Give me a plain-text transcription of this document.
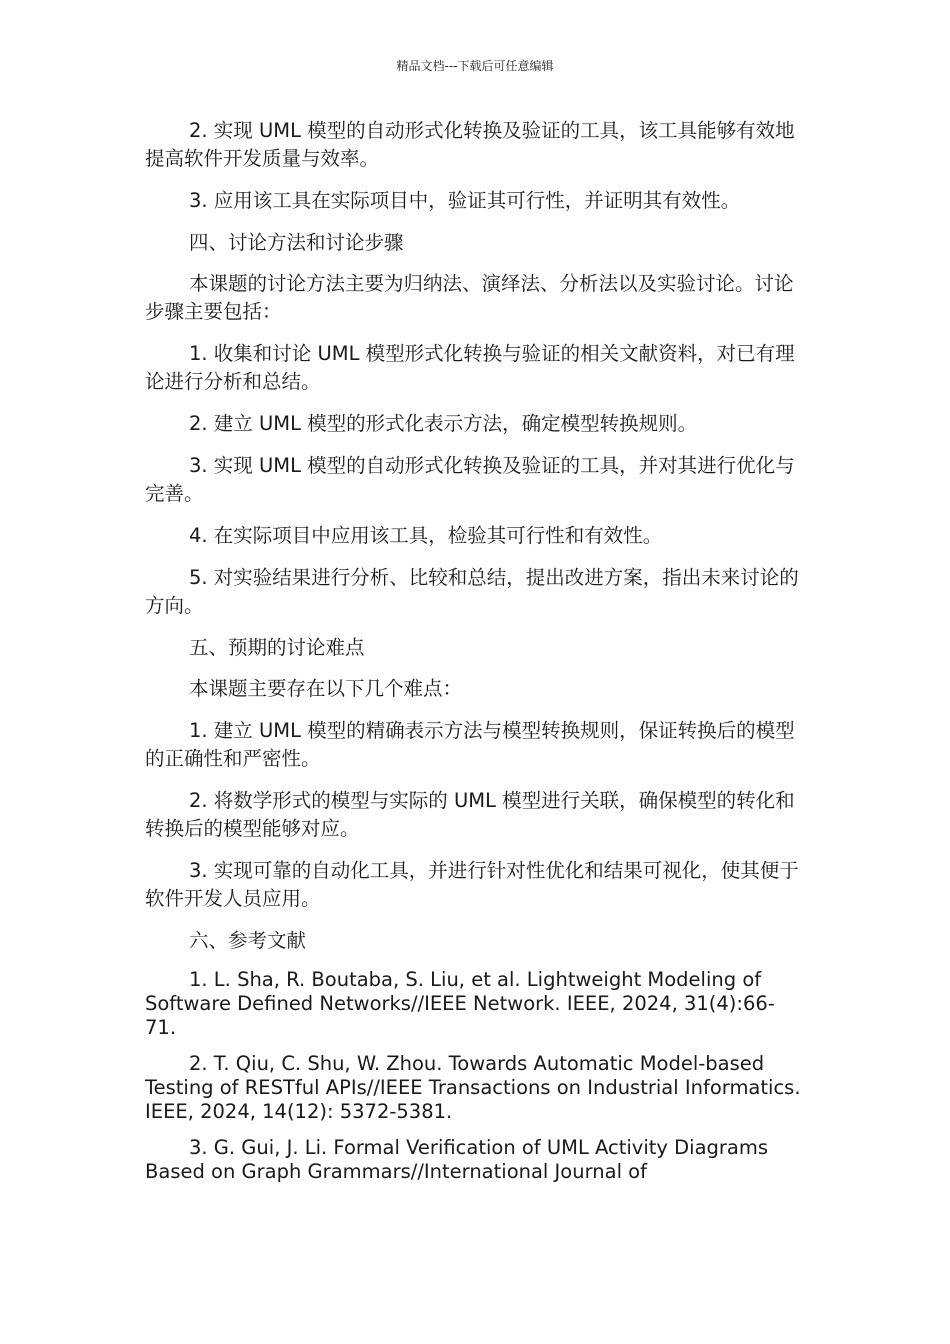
精品文档---下载后可任意编辑

2. 实现 UML 模型的自动形式化转换及验证的工具，该工具能够有效地提高软件开发质量与效率。

3. 应用该工具在实际项目中，验证其可行性，并证明其有效性。

四、讨论方法和讨论步骤

本课题的讨论方法主要为归纳法、演绎法、分析法以及实验讨论。讨论步骤主要包括：

1. 收集和讨论 UML 模型形式化转换与验证的相关文献资料，对已有理论进行分析和总结。

2. 建立 UML 模型的形式化表示方法，确定模型转换规则。

3. 实现 UML 模型的自动形式化转换及验证的工具，并对其进行优化与完善。

4. 在实际项目中应用该工具，检验其可行性和有效性。

5. 对实验结果进行分析、比较和总结，提出改进方案，指出未来讨论的方向。

五、预期的讨论难点

本课题主要存在以下几个难点：

1. 建立 UML 模型的精确表示方法与模型转换规则，保证转换后的模型的正确性和严密性。

2. 将数学形式的模型与实际的 UML 模型进行关联，确保模型的转化和转换后的模型能够对应。

3. 实现可靠的自动化工具，并进行针对性优化和结果可视化，使其便于软件开发人员应用。

六、参考文献

1. L. Sha, R. Boutaba, S. Liu, et al. Lightweight Modeling of Software Defined Networks//IEEE Network. IEEE, 2024, 31(4):66-71.

2. T. Qiu, C. Shu, W. Zhou. Towards Automatic Model-based Testing of RESTful APIs//IEEE Transactions on Industrial Informatics. IEEE, 2024, 14(12): 5372-5381.

3. G. Gui, J. Li. Formal Verification of UML Activity Diagrams Based on Graph Grammars//International Journal of
